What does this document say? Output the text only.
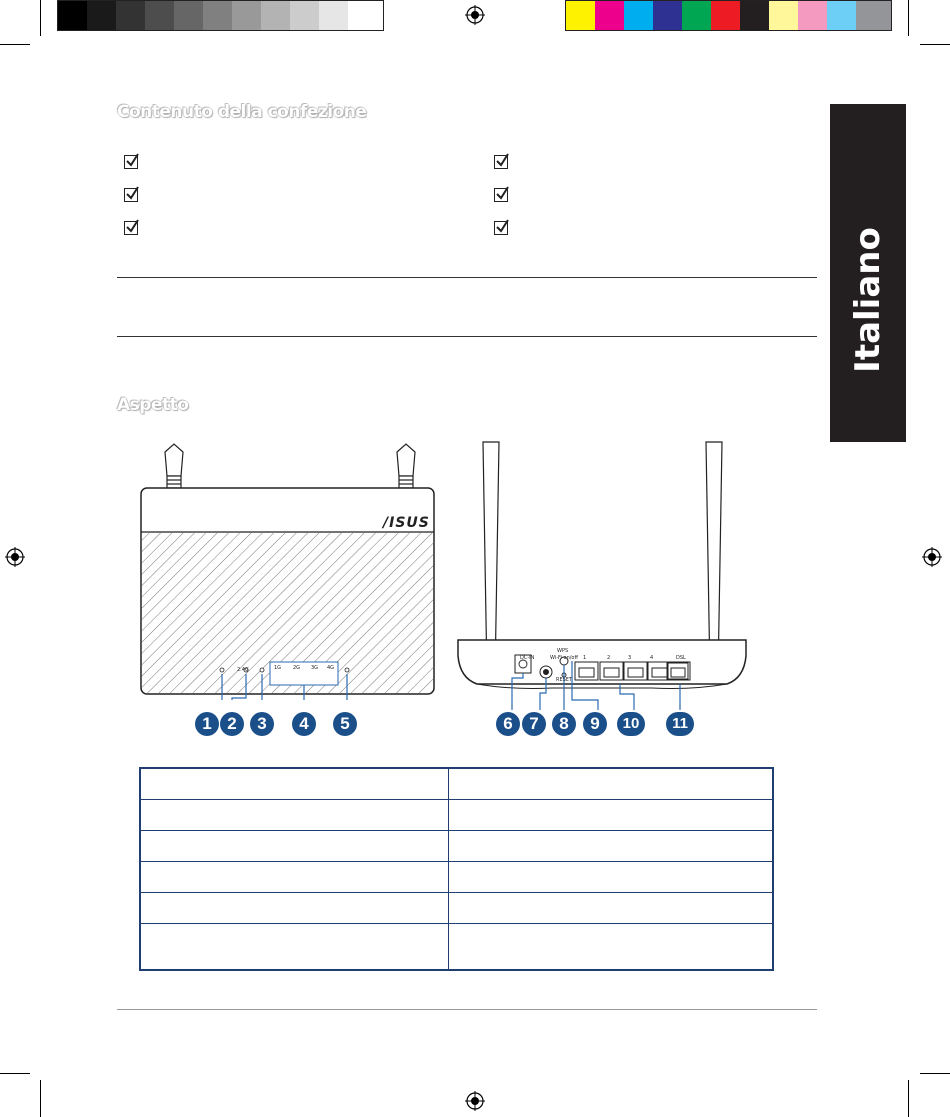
Italiano
Contenuto della confezione
Aspetto
/ISUS
2.4G	1G 2G 3G 4G
DC-IN
WPS
Wi-Fi on/off
RESET
1	2	3	4	DSL
1 2	3	4	5	6 7	8	9	10	11
